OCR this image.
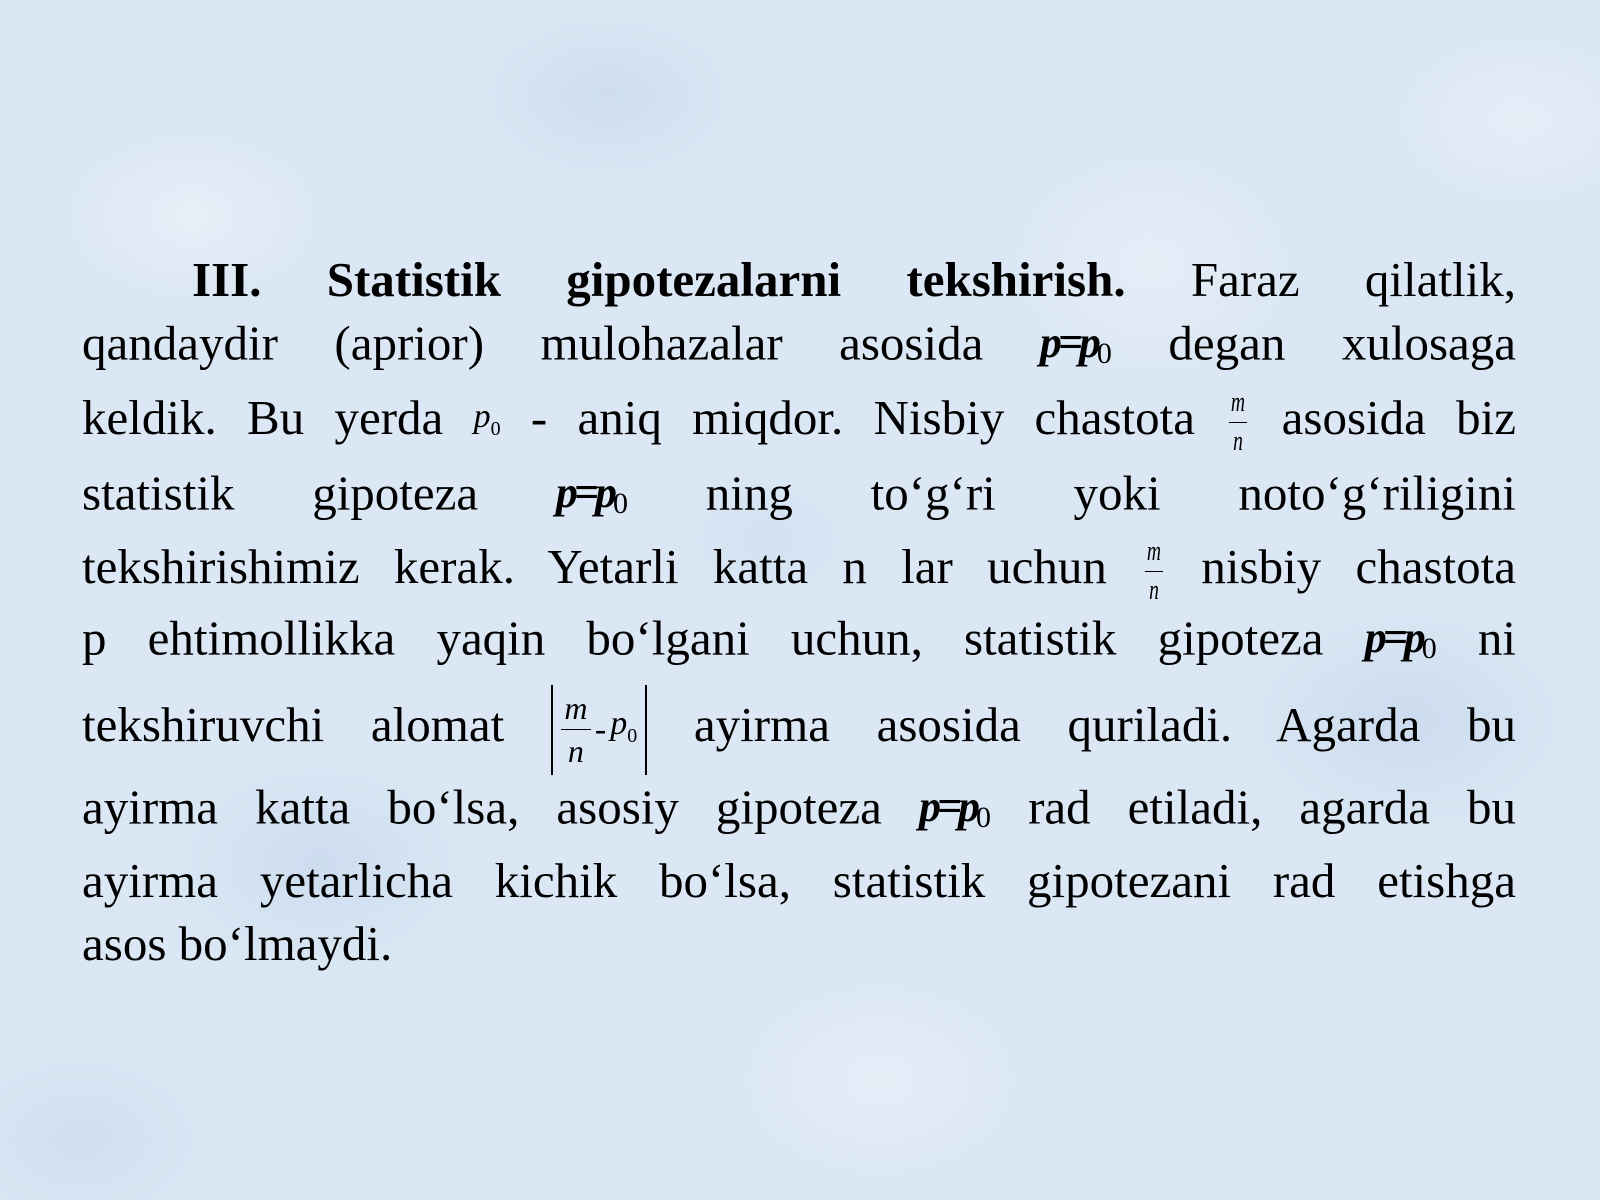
III. Statistik gipotezalarni tekshirish. Faraz qilatlik,
qandaydir (aprior) mulohazalar asosida $p=p_0$ degan xulosaga
keldik. Bu yerda $p_0$ - aniq miqdor. Nisbiy chastota $\frac{m}{n}$ asosida biz
statistik gipoteza $p=p_0$ ning to‘g‘ri yoki noto‘g‘riligini
tekshirishimiz kerak. Yetarli katta n lar uchun $\frac{m}{n}$ nisbiy chastota
p ehtimollikka yaqin bo‘lgani uchun, statistik gipoteza $p=p_0$ ni
tekshiruvchi alomat $\frac{m}{n} - p_0$ ayirma asosida quriladi. Agarda bu
ayirma katta bo‘lsa, asosiy gipoteza $p=p_0$ rad etiladi, agarda bu
ayirma yetarlicha kichik bo‘lsa, statistik gipotezani rad etishga
asos bo‘lmaydi.
